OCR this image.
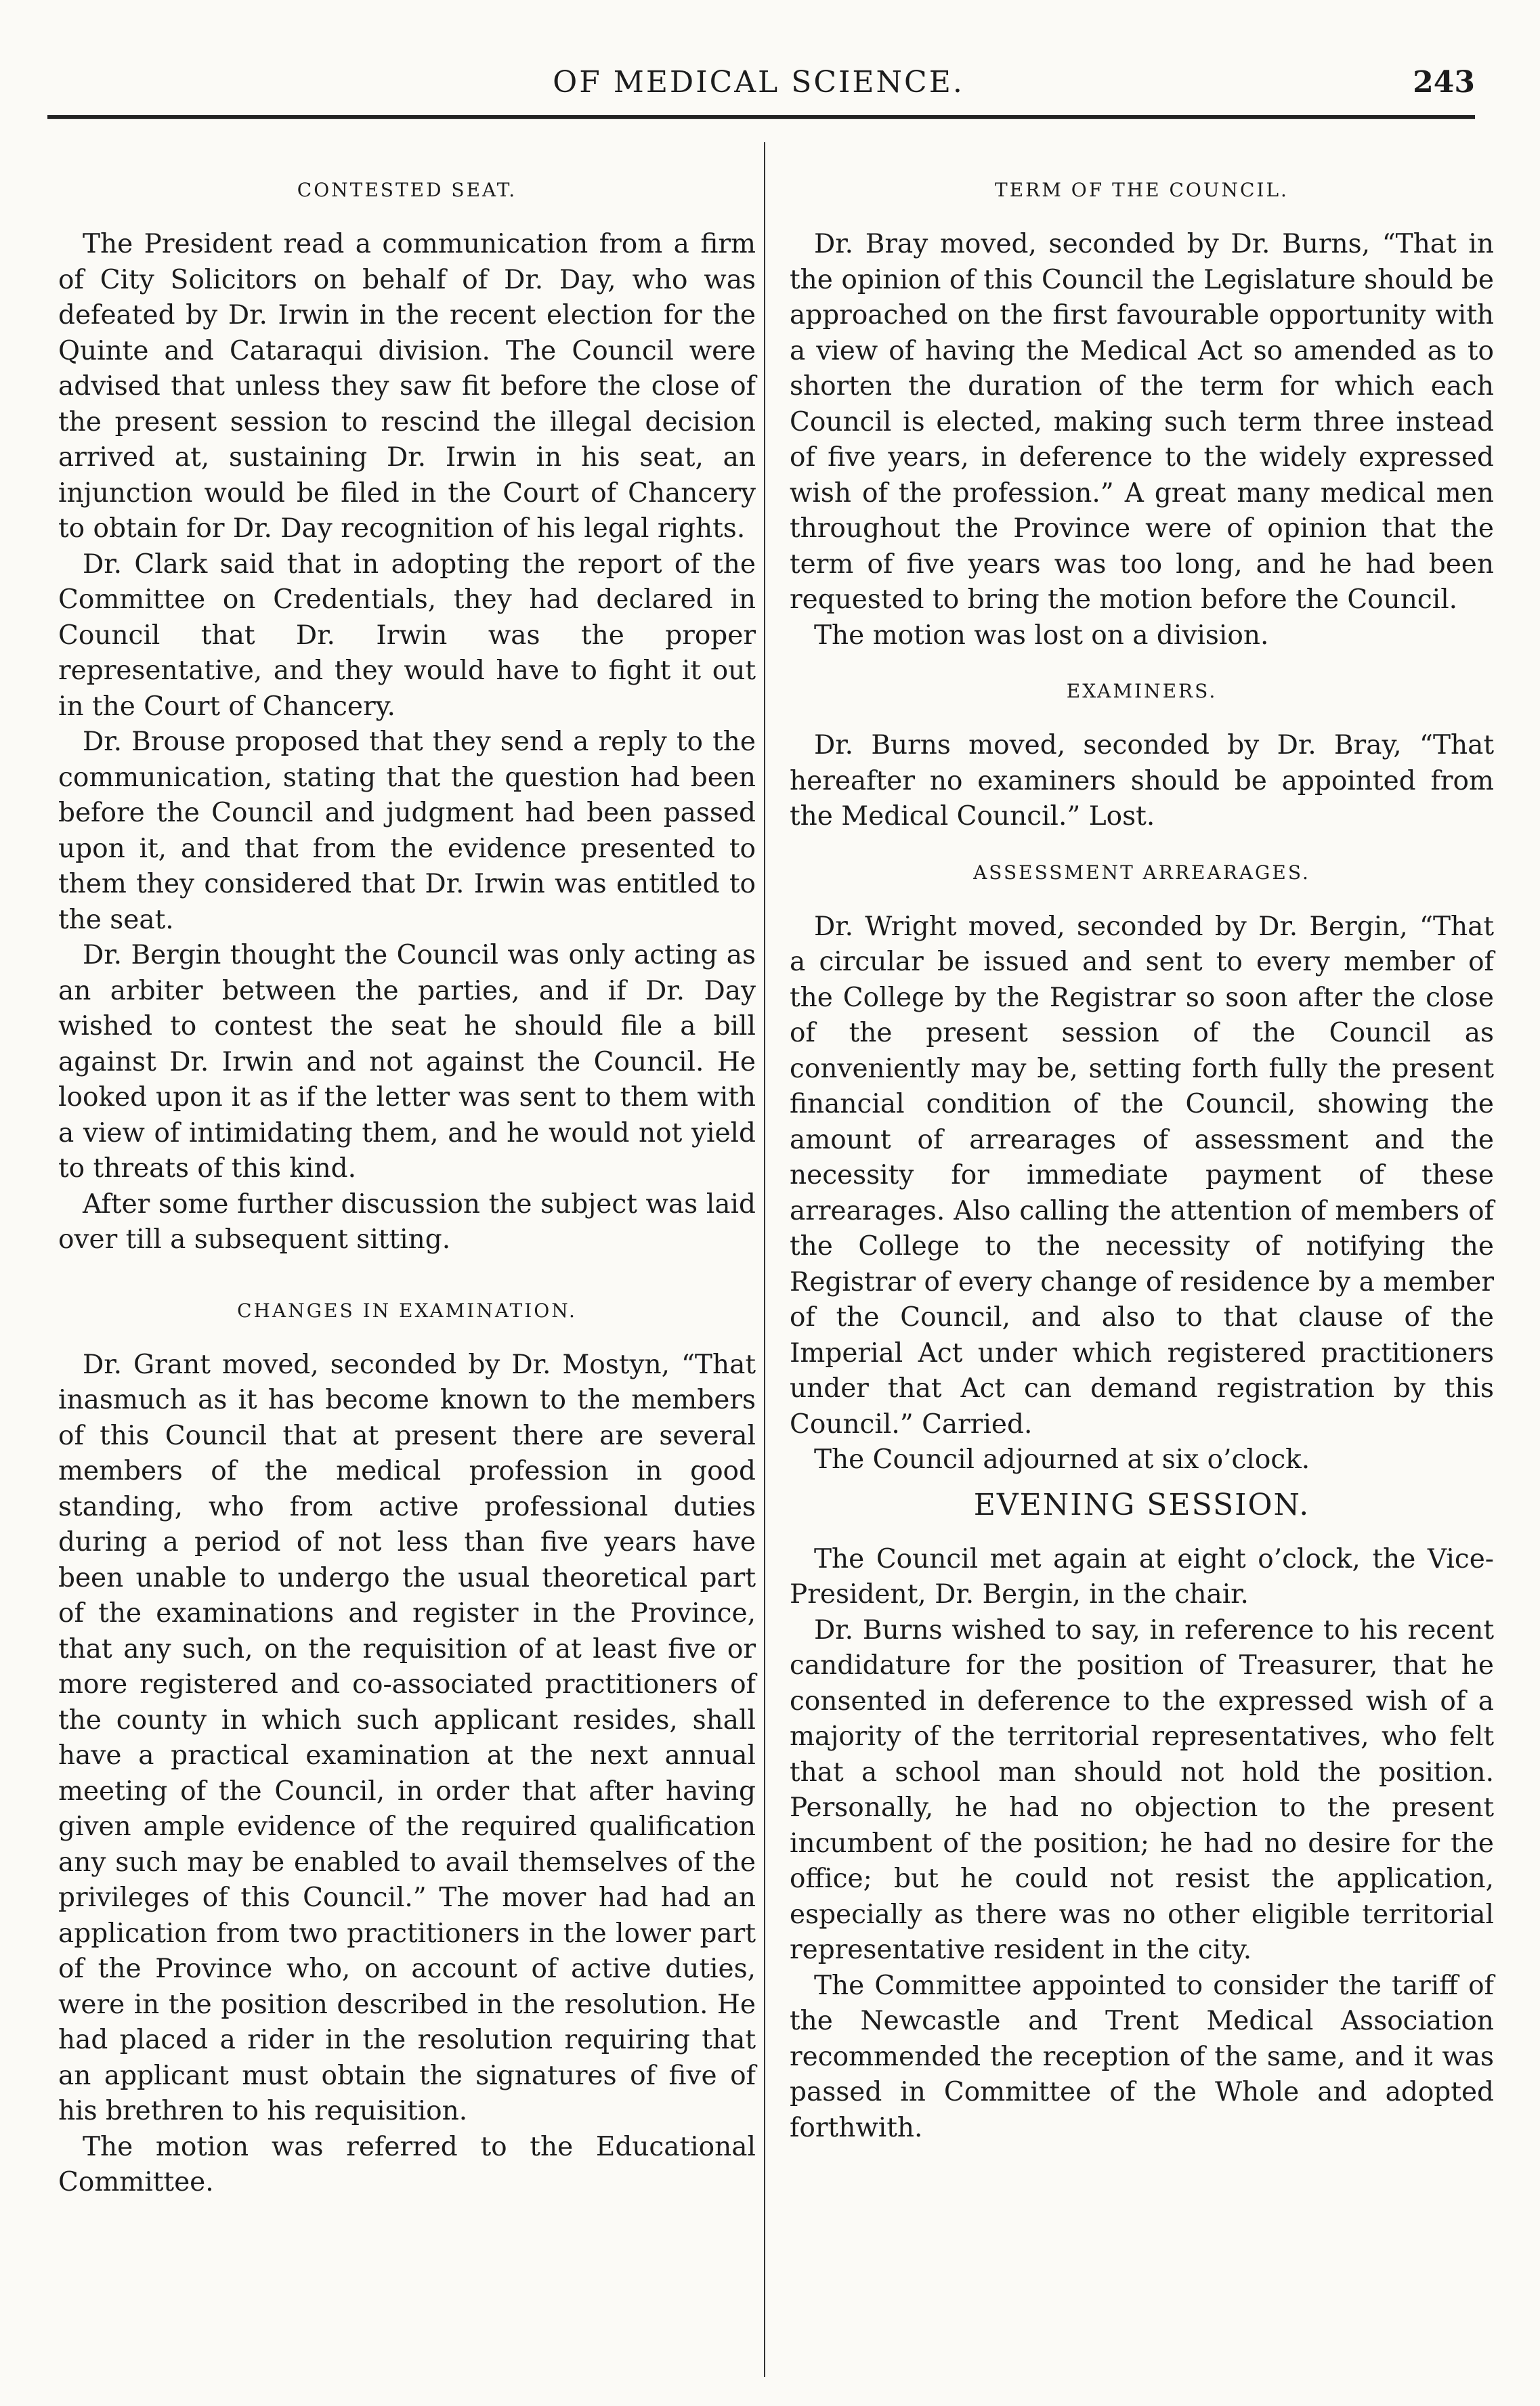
OF MEDICAL SCIENCE.	243
CONTESTED SEAT.

The President read a communication from a firm of City Solicitors on behalf of Dr. Day, who was defeated by Dr. Irwin in the recent election for the Quinte and Cataraqui division. The Council were advised that unless they saw fit before the close of the present session to rescind the illegal decision arrived at, sustaining Dr. Irwin in his seat, an injunction would be filed in the Court of Chancery to obtain for Dr. Day recognition of his legal rights.

Dr. Clark said that in adopting the report of the Committee on Credentials, they had declared in Council that Dr. Irwin was the proper representative, and they would have to fight it out in the Court of Chancery.

Dr. Brouse proposed that they send a reply to the communication, stating that the question had been before the Council and judgment had been passed upon it, and that from the evidence presented to them they considered that Dr. Irwin was entitled to the seat.

Dr. Bergin thought the Council was only acting as an arbiter between the parties, and if Dr. Day wished to contest the seat he should file a bill against Dr. Irwin and not against the Council. He looked upon it as if the letter was sent to them with a view of intimidating them, and he would not yield to threats of this kind.

After some further discussion the subject was laid over till a subsequent sitting.

CHANGES IN EXAMINATION.

Dr. Grant moved, seconded by Dr. Mostyn, “That inasmuch as it has become known to the members of this Council that at present there are several members of the medical profession in good standing, who from active professional duties during a period of not less than five years have been unable to undergo the usual theoretical part of the examinations and register in the Province, that any such, on the requisition of at least five or more registered and co-associated practitioners of the county in which such applicant resides, shall have a practical examination at the next annual meeting of the Council, in order that after having given ample evidence of the required qualification any such may be enabled to avail themselves of the privileges of this Council.” The mover had had an application from two practitioners in the lower part of the Province who, on account of active duties, were in the position described in the resolution. He had placed a rider in the resolution requiring that an applicant must obtain the signatures of five of his brethren to his requisition.

The motion was referred to the Educational Committee.

TERM OF THE COUNCIL.

Dr. Bray moved, seconded by Dr. Burns, “That in the opinion of this Council the Legislature should be approached on the first favourable opportunity with a view of having the Medical Act so amended as to shorten the duration of the term for which each Council is elected, making such term three instead of five years, in deference to the widely expressed wish of the profession.” A great many medical men throughout the Province were of opinion that the term of five years was too long, and he had been requested to bring the motion before the Council.

The motion was lost on a division.

EXAMINERS.

Dr. Burns moved, seconded by Dr. Bray, “That hereafter no examiners should be appointed from the Medical Council.” Lost.

ASSESSMENT ARREARAGES.

Dr. Wright moved, seconded by Dr. Bergin, “That a circular be issued and sent to every member of the College by the Registrar so soon after the close of the present session of the Council as conveniently may be, setting forth fully the present financial condition of the Council, showing the amount of arrearages of assessment and the necessity for immediate payment of these arrearages. Also calling the attention of members of the College to the necessity of notifying the Registrar of every change of residence by a member of the Council, and also to that clause of the Imperial Act under which registered practitioners under that Act can demand registration by this Council.” Carried.

The Council adjourned at six o’clock.

EVENING SESSION.

The Council met again at eight o’clock, the Vice-President, Dr. Bergin, in the chair.

Dr. Burns wished to say, in reference to his recent candidature for the position of Treasurer, that he consented in deference to the expressed wish of a majority of the territorial representatives, who felt that a school man should not hold the position. Personally, he had no objection to the present incumbent of the position; he had no desire for the office; but he could not resist the application, especially as there was no other eligible territorial representative resident in the city.

The Committee appointed to consider the tariff of the Newcastle and Trent Medical Association recommended the reception of the same, and it was passed in Committee of the Whole and adopted forthwith.
